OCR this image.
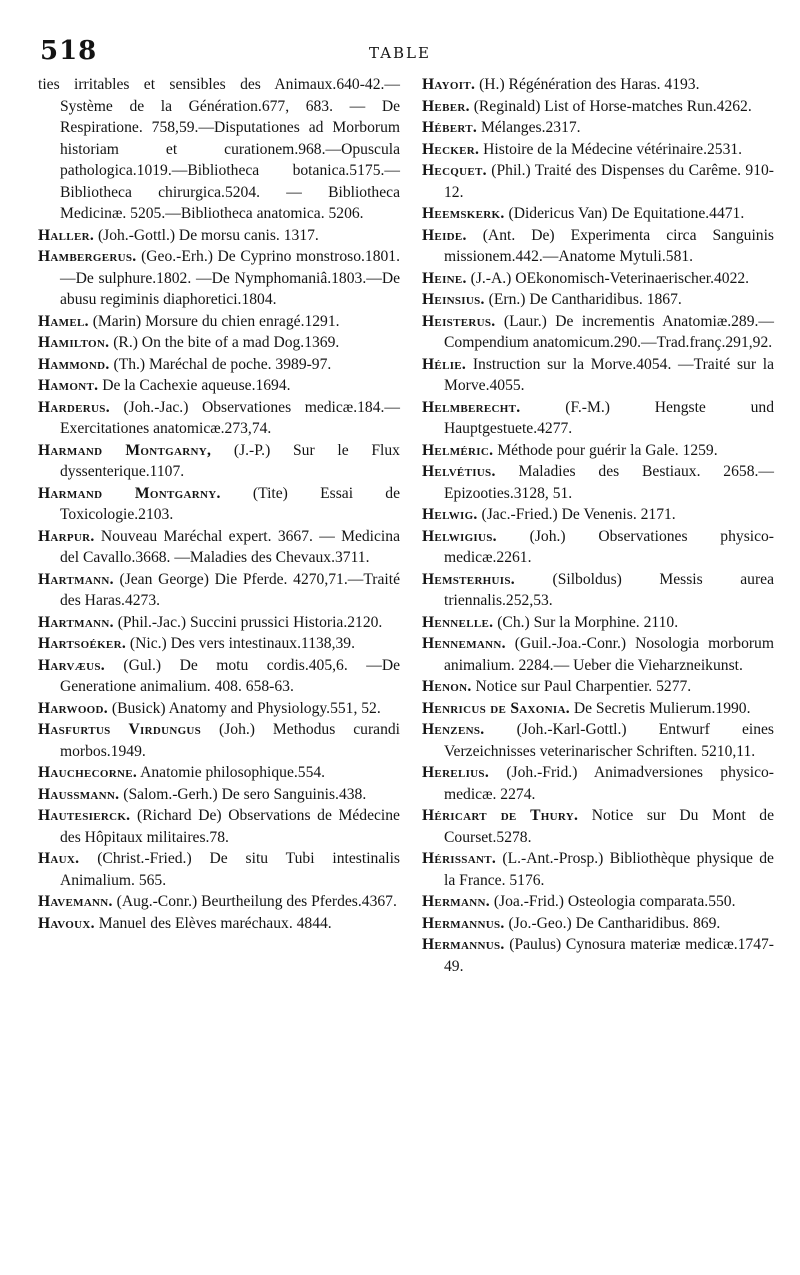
518	TABLE

ties irritables et sensibles des Animaux.640-42.—Système de la Génération.677, 683. — De Respiratione. 758,59.—Disputationes ad Morborum historiam et curationem.968.—Opuscula pathologica.1019.—Bibliotheca botanica.5175.—Bibliotheca chirurgica.5204. — Bibliotheca Medicinæ. 5205.—Bibliotheca anatomica. 5206.

Haller. (Joh.-Gottl.) De morsu canis. 1317.

Hambergerus. (Geo.-Erh.) De Cyprino monstroso.1801.—De sulphure.1802. —De Nymphomaniâ.1803.—De abusu regiminis diaphoretici.1804.

Hamel. (Marin) Morsure du chien enragé.1291.

Hamilton. (R.) On the bite of a mad Dog.1369.

Hammond. (Th.) Maréchal de poche. 3989-97.

Hamont. De la Cachexie aqueuse.1694.

Harderus. (Joh.-Jac.) Observationes medicæ.184.—Exercitationes anatomicæ.273,74.

Harmand Montgarny, (J.-P.) Sur le Flux dyssenterique.1107.

Harmand Montgarny. (Tite) Essai de Toxicologie.2103.

Harpur. Nouveau Maréchal expert. 3667. — Medicina del Cavallo.3668. —Maladies des Chevaux.3711.

Hartmann. (Jean George) Die Pferde. 4270,71.—Traité des Haras.4273.

Hartmann. (Phil.-Jac.) Succini prussici Historia.2120.

Hartsoéker. (Nic.) Des vers intestinaux.1138,39.

Harvæus. (Gul.) De motu cordis.405,6. —De Generatione animalium. 408. 658-63.

Harwood. (Busick) Anatomy and Physiology.551, 52.

Hasfurtus Virdungus (Joh.) Methodus curandi morbos.1949.

Hauchecorne. Anatomie philosophique.554.

Haussmann. (Salom.-Gerh.) De sero Sanguinis.438.

Hautesierck. (Richard De) Observations de Médecine des Hôpitaux militaires.78.

Haux. (Christ.-Fried.) De situ Tubi intestinalis Animalium. 565.

Havemann. (Aug.-Conr.) Beurtheilung des Pferdes.4367.

Havoux. Manuel des Elèves maréchaux. 4844.

Hayoit. (H.) Régénération des Haras. 4193.

Heber. (Reginald) List of Horse-matches Run.4262.

Hébert. Mélanges.2317.

Hecker. Histoire de la Médecine vétérinaire.2531.

Hecquet. (Phil.) Traité des Dispenses du Carême. 910-12.

Heemskerk. (Didericus Van) De Equitatione.4471.

Heide. (Ant. De) Experimenta circa Sanguinis missionem.442.—Anatome Mytuli.581.

Heine. (J.-A.) OEkonomisch-Veterinaerischer.4022.

Heinsius. (Ern.) De Cantharidibus. 1867.

Heisterus. (Laur.) De incrementis Anatomiæ.289.—Compendium anatomicum.290.—Trad.franç.291,92.

Hélie. Instruction sur la Morve.4054. —Traité sur la Morve.4055.

Helmberecht.	(F.-M.) Hengste und Hauptgestuete.4277.

Helméric. Méthode pour guérir la Gale. 1259.

Helvétius. Maladies des Bestiaux. 2658.—Epizooties.3128, 51.

Helwig. (Jac.-Fried.) De Venenis. 2171.

Helwigius. (Joh.) Observationes physico-medicæ.2261.

Hemsterhuis. (Silboldus) Messis aurea triennalis.252,53.

Hennelle. (Ch.) Sur la Morphine. 2110.

Hennemann. (Guil.-Joa.-Conr.) Nosologia morborum animalium. 2284.— Ueber die Vieharzneikunst.

Henon. Notice sur Paul Charpentier. 5277.

Henricus de Saxonia. De Secretis Mulierum.1990.

Henzens. (Joh.-Karl-Gottl.) Entwurf eines Verzeichnisses veterinarischer Schriften. 5210,11.

Herelius. (Joh.-Frid.) Animadversiones physico-medicæ. 2274.

Héricart de Thury. Notice sur Du Mont de Courset.5278.

Hérissant. (L.-Ant.-Prosp.) Bibliothèque physique de la France. 5176.

Hermann. (Joa.-Frid.) Osteologia comparata.550.

Hermannus. (Jo.-Geo.) De Cantharidibus. 869.

Hermannus. (Paulus) Cynosura materiæ medicæ.1747-49.
